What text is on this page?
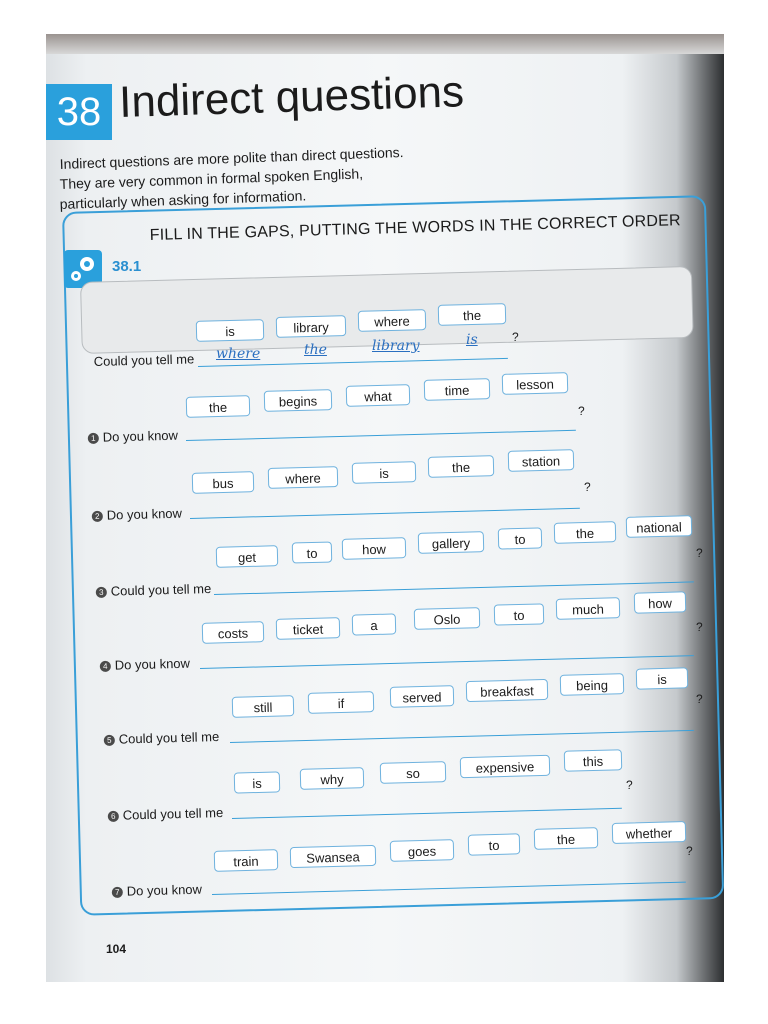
38 Indirect questions
Indirect questions are more polite than direct questions.
They are very common in formal spoken English,
particularly when asking for information.
38.1
FILL IN THE GAPS, PUTTING THE WORDS IN THE CORRECT ORDER
is	library	where	the
Could you tell me where	the	library	is	?
the	begins	what	time	lesson
1 Do you know
?
bus	where	is	the	station
2 Do you know
?
get	to	how	gallery	to	the	national
3 Could you tell me
?
costs	ticket	a	Oslo	to	much	how
4 Do you know
?
still	if	served	breakfast	being	is
5 Could you tell me
?
is	why	so	expensive	this
6 Could you tell me
?
train	Swansea	goes	to	the	whether
7 Do you know
?
104
